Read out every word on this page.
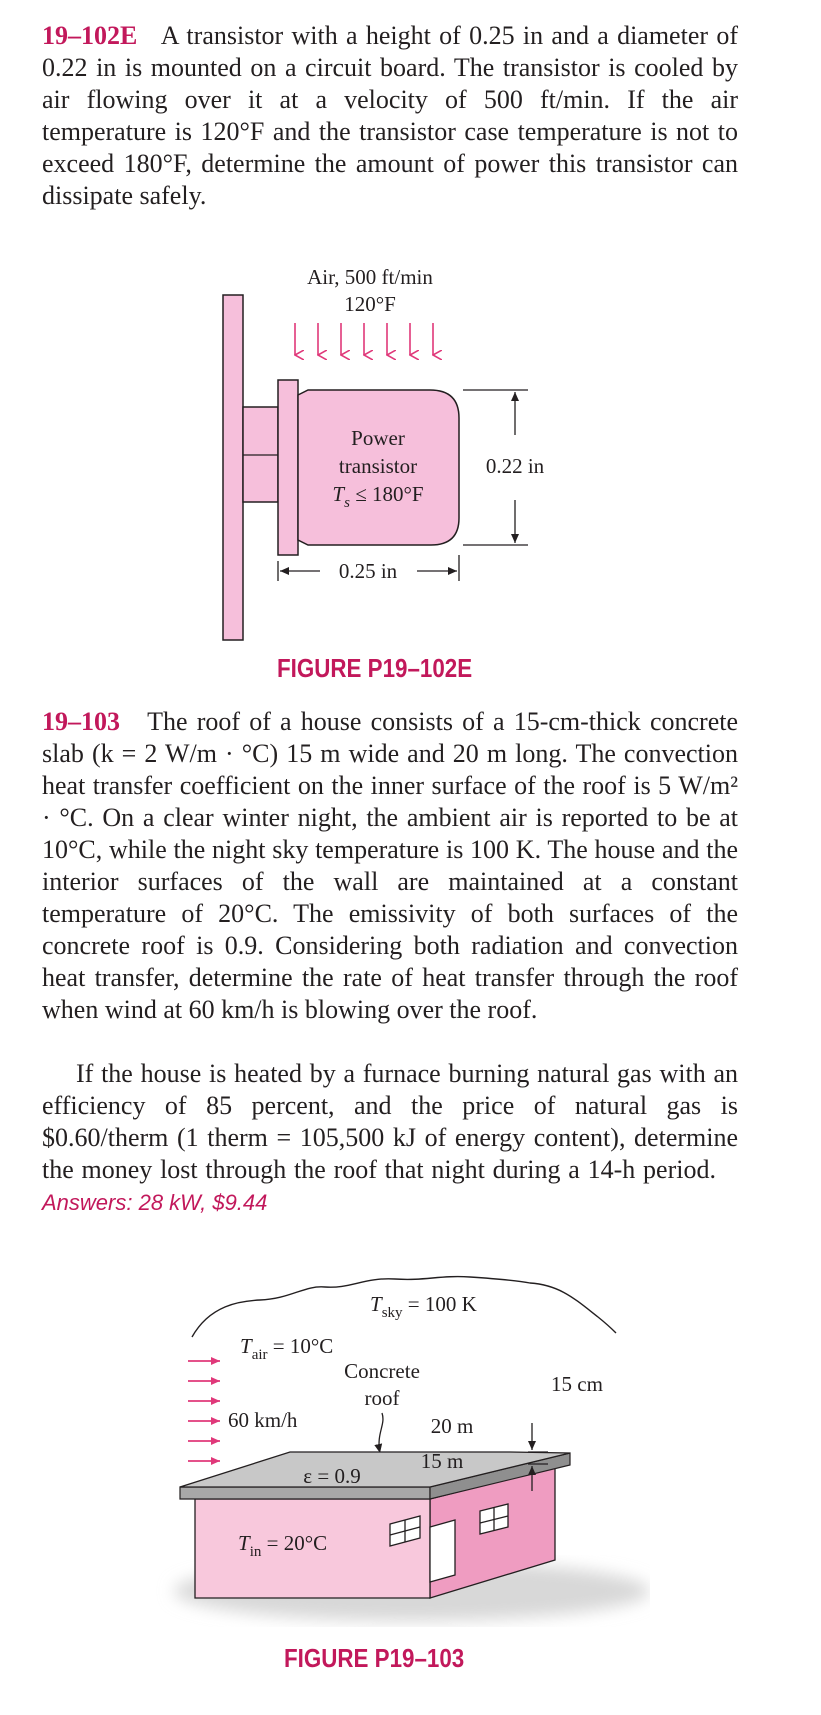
19–102E A transistor with a height of 0.25 in and a diameter of 0.22 in is mounted on a circuit board. The transistor is cooled by air flowing over it at a velocity of 500 ft/min. If the air temperature is 120°F and the transistor case temperature is not to exceed 180°F, determine the amount of power this transistor can dissipate safely.

Air, 500 ft/min
120°F
Power
transistor
$T_s \le 180^\circ F$
0.22 in
0.25 in
FIGURE P19–102E

19–103 The roof of a house consists of a 15-cm-thick concrete slab (k = 2 W/m · °C) 15 m wide and 20 m long. The convection heat transfer coefficient on the inner surface of the roof is 5 W/m² · °C. On a clear winter night, the ambient air is reported to be at 10°C, while the night sky temperature is 100 K. The house and the interior surfaces of the wall are maintained at a constant temperature of 20°C. The emissivity of both surfaces of the concrete roof is 0.9. Considering both radiation and convection heat transfer, determine the rate of heat transfer through the roof when wind at 60 km/h is blowing over the roof.

If the house is heated by a furnace burning natural gas with an efficiency of 85 percent, and the price of natural gas is $0.60/therm (1 therm = 105,500 kJ of energy content), determine the money lost through the roof that night during a 14-h period.    Answers: 28 kW, $9.44

$T_{sky} = 100$ K
$T_{air} = 10^\circ C$
60 km/h
Concrete
roof
15 cm
20 m
15 m
ε = 0.9
$T_{in} = 20^\circ C$
FIGURE P19–103
